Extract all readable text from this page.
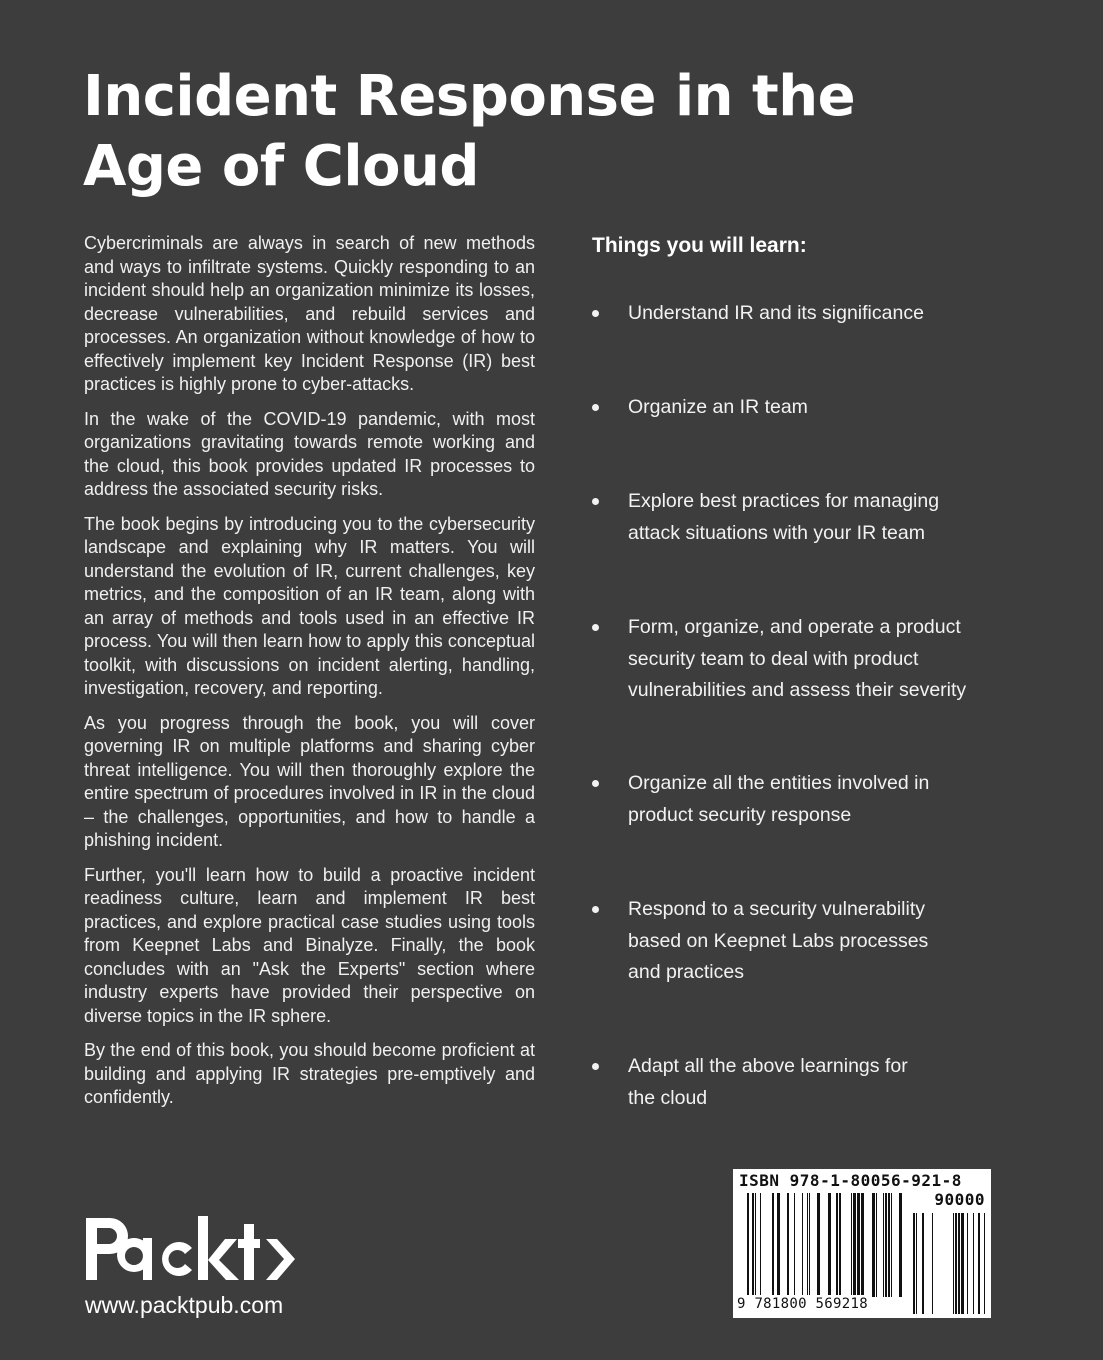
Incident Response in the Age of Cloud

Cybercriminals are always in search of new methods and ways to infiltrate systems. Quickly responding to an incident should help an organization minimize its losses, decrease vulnerabilities, and rebuild services and processes. An organization without knowledge of how to effectively implement key Incident Response (IR) best practices is highly prone to cyber-attacks.

In the wake of the COVID-19 pandemic, with most organizations gravitating towards remote working and the cloud, this book provides updated IR processes to address the associated security risks.

The book begins by introducing you to the cybersecurity landscape and explaining why IR matters. You will understand the evolution of IR, current challenges, key metrics, and the composition of an IR team, along with an array of methods and tools used in an effective IR process. You will then learn how to apply this conceptual toolkit, with discussions on incident alerting, handling, investigation, recovery, and reporting.

As you progress through the book, you will cover governing IR on multiple platforms and sharing cyber threat intelligence. You will then thoroughly explore the entire spectrum of procedures involved in IR in the cloud – the challenges, opportunities, and how to handle a phishing incident.

Further, you'll learn how to build a proactive incident readiness culture, learn and implement IR best practices, and explore practical case studies using tools from Keepnet Labs and Binalyze. Finally, the book concludes with an "Ask the Experts" section where industry experts have provided their perspective on diverse topics in the IR sphere.

By the end of this book, you should become proficient at building and applying IR strategies pre-emptively and confidently.

Things you will learn:
Understand IR and its significance
Organize an IR team
Explore best practices for managing attack situations with your IR team
Form, organize, and operate a product security team to deal with product vulnerabilities and assess their severity
Organize all the entities involved in product security response
Respond to a security vulnerability based on Keepnet Labs processes and practices
Adapt all the above learnings for the cloud
www.packtpub.com
ISBN 978-1-80056-921-8
90000
9 781800 569218
